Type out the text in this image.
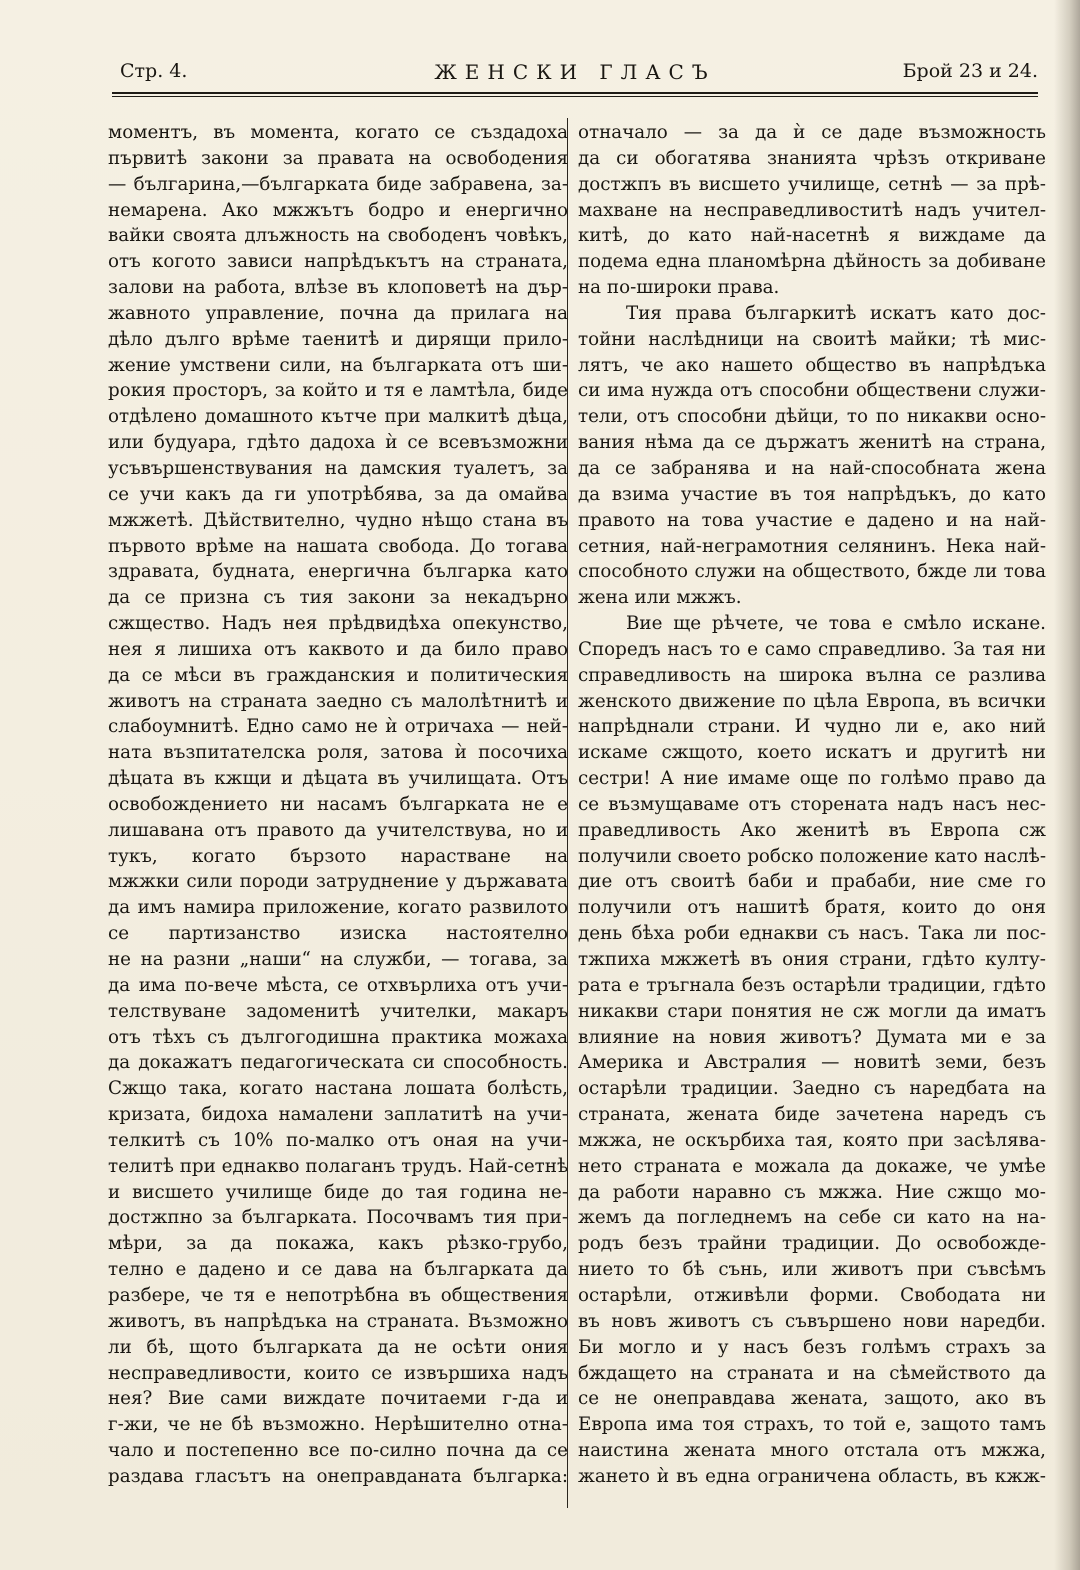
Стр. 4.	ЖЕНСКИ ГЛАСЪ	Брой 23 и 24.
моментъ, въ момента, когато се създадоха
първитѣ закони за правата на освободения
— българина,—българката биде забравена, за-
немарена. Ако мжжътъ бодро и енергично
вайки своята длъжность на свободенъ човѣкъ,
отъ когото зависи напрѣдъкътъ на страната,
залови на работа, влѣзе въ клоповетѣ на дър-
жавното управление, почна да прилага на
дѣло дълго врѣме таенитѣ и дирящи прило-
жение умствени сили, на българката отъ ши-
рокия просторъ, за който и тя е ламтѣла, биде
отдѣлено домашното кътче при малкитѣ дѣца,
или будуара, гдѣто дадоха ѝ се всевъзможни
усъвършенствувания на дамския туалетъ, за
се учи какъ да ги употрѣбява, за да омайва
мжжетѣ. Дѣйствително, чудно нѣщо стана въ
първото врѣме на нашата свобода. До тогава
здравата, будната, енергична българка като
да се призна съ тия закони за некадърно
сжщество. Надъ нея прѣдвидѣха опекунство,
нея я лишиха отъ каквото и да било право
да се мѣси въ гражданския и политическия
животъ на страната заедно съ малолѣтнитѣ и
слабоумнитѣ. Едно само не ѝ отричаха — ней-
ната възпитателска роля, затова ѝ посочиха
дѣцата въ кжщи и дѣцата въ училищата. Отъ
освобождението ни насамъ българката не е
лишавана отъ правото да учителствува, но и
тукъ, когато бързото нарастване на
мжжки сили породи затруднение у държавата
да имъ намира приложение, когато развилото
се партизанство изиска настоятелно
не на разни „наши“ на служби, — тогава, за
да има по-вече мѣста, се отхвърлиха отъ учи-
телствуване задоменитѣ учителки, макаръ
отъ тѣхъ съ дългогодишна практика можаха
да докажатъ педагогическата си способность.
Сжщо така, когато настана лошата болѣсть,
кризата, бидоха намалени заплатитѣ на учи-
телкитѣ съ 10% по-малко отъ оная на учи-
телитѣ при еднакво полаганъ трудъ. Най-сетнѣ
и висшето училище биде до тая година не-
достжпно за българката. Посочвамъ тия при-
мѣри, за да покажа, какъ рѣзко-грубо,
телно е дадено и се дава на българката да
разбере, че тя е непотрѣбна въ обществения
животъ, въ напрѣдъка на страната. Възможно
ли бѣ, щото българката да не осѣти ония
несправедливости, които се извършиха надъ
нея? Вие сами виждате почитаеми г-да и
г-жи, че не бѣ възможно. Нерѣшително отна-
чало и постепенно все по-силно почна да се
раздава гласътъ на онеправданата българка:
отначало — за да ѝ се даде възможность
да си обогатява знанията чрѣзъ откриване
достжпъ въ висшето училище, сетнѣ — за прѣ-
махване на несправедливоститѣ надъ учител-
китѣ, до като най-насетнѣ я виждаме да
подема една планомѣрна дѣйность за добиване
на по-широки права.
Тия права българкитѣ искатъ като дос-
тойни наслѣдници на своитѣ майки; тѣ мис-
лятъ, че ако нашето общество въ напрѣдъка
си има нужда отъ способни обществени служи-
тели, отъ способни дѣйци, то по никакви осно-
вания нѣма да се държатъ женитѣ на страна,
да се забранява и на най-способната жена
да взима участие въ тоя напрѣдъкъ, до като
правото на това участие е дадено и на най-
сетния, най-неграмотния селянинъ. Нека най-
способното служи на обществото, бжде ли това
жена или мжжъ.
Вие ще рѣчете, че това е смѣло искане.
Споредъ насъ то е само справедливо. За тая ни
справедливость на широка вълна се разлива
женското движение по цѣла Европа, въ всички
напрѣднали страни. И чудно ли е, ако ний
искаме сжщото, което искатъ и другитѣ ни
сестри! А ние имаме още по голѣмо право да
се възмущаваме отъ сторената надъ насъ нес-
праведливость Ако женитѣ въ Европа сж
получили своето робско положение като наслѣ-
дие отъ своитѣ баби и прабаби, ние сме го
получили отъ нашитѣ братя, които до оня
день бѣха роби еднакви съ насъ. Така ли пос-
тжпиха мжжетѣ въ ония страни, гдѣто култу-
рата е тръгнала безъ остарѣли традиции, гдѣто
никакви стари понятия не сж могли да иматъ
влияние на новия животъ? Думата ми е за
Америка и Австралия — новитѣ земи, безъ
остарѣли традиции. Заедно съ наредбата на
страната, жената биде зачетена наредъ съ
мжжа, не оскърбиха тая, която при засѣлява-
нето страната е можала да докаже, че умѣе
да работи наравно съ мжжа. Ние сжщо мо-
жемъ да погледнемъ на себе си като на на-
родъ безъ трайни традиции. До освобожде-
нието то бѣ сънь, или животъ при съвсѣмъ
остарѣли, отживѣли форми. Свободата ни
въ новъ животъ съ съвършено нови наредби.
Би могло и у насъ безъ голѣмъ страхъ за
бждащето на страната и на сѣмейството да
се не онеправдава жената, защото, ако въ
Европа има тоя страхъ, то той е, защото тамъ
наистина жената много отстала отъ мжжа,
жането ѝ въ една ограничена область, въ кжж-
